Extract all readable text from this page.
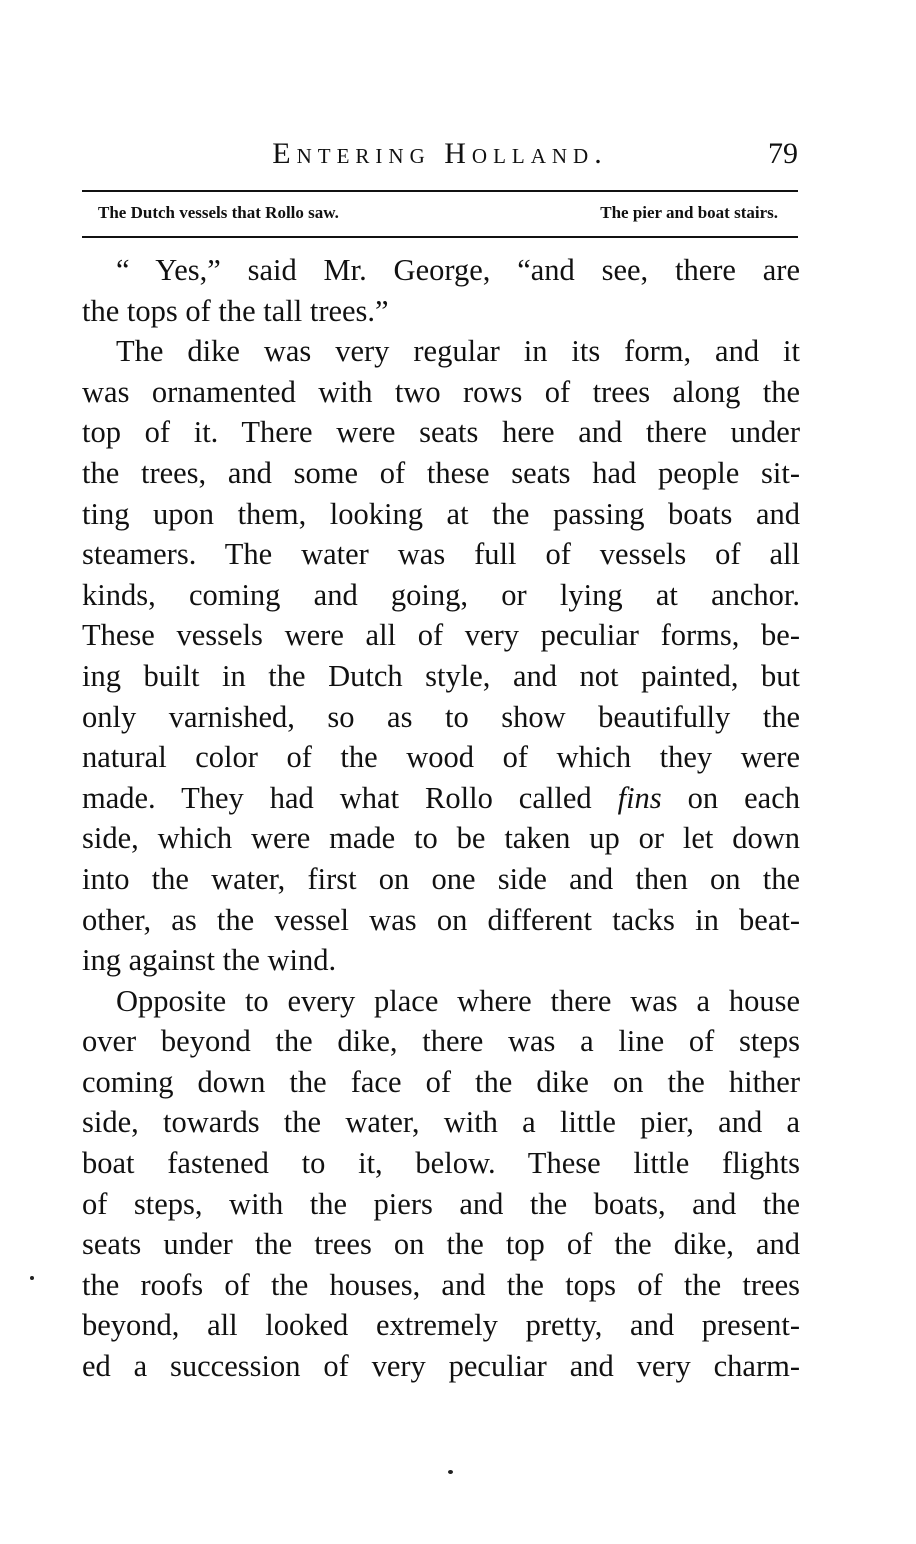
Entering Holland.	79
The Dutch vessels that Rollo saw.	The pier and boat stairs.
“ Yes,” said Mr. George, “and see, there are
the tops of the tall trees.”
The dike was very regular in its form, and it
was ornamented with two rows of trees along the
top of it. There were seats here and there under
the trees, and some of these seats had people sit-
ting upon them, looking at the passing boats and
steamers. The water was full of vessels of all
kinds, coming and going, or lying at anchor.
These vessels were all of very peculiar forms, be-
ing built in the Dutch style, and not painted, but
only varnished, so as to show beautifully the
natural color of the wood of which they were
made. They had what Rollo called fins on each
side, which were made to be taken up or let down
into the water, first on one side and then on the
other, as the vessel was on different tacks in beat-
ing against the wind.
Opposite to every place where there was a house
over beyond the dike, there was a line of steps
coming down the face of the dike on the hither
side, towards the water, with a little pier, and a
boat fastened to it, below. These little flights
of steps, with the piers and the boats, and the
seats under the trees on the top of the dike, and
the roofs of the houses, and the tops of the trees
beyond, all looked extremely pretty, and present-
ed a succession of very peculiar and very charm-
